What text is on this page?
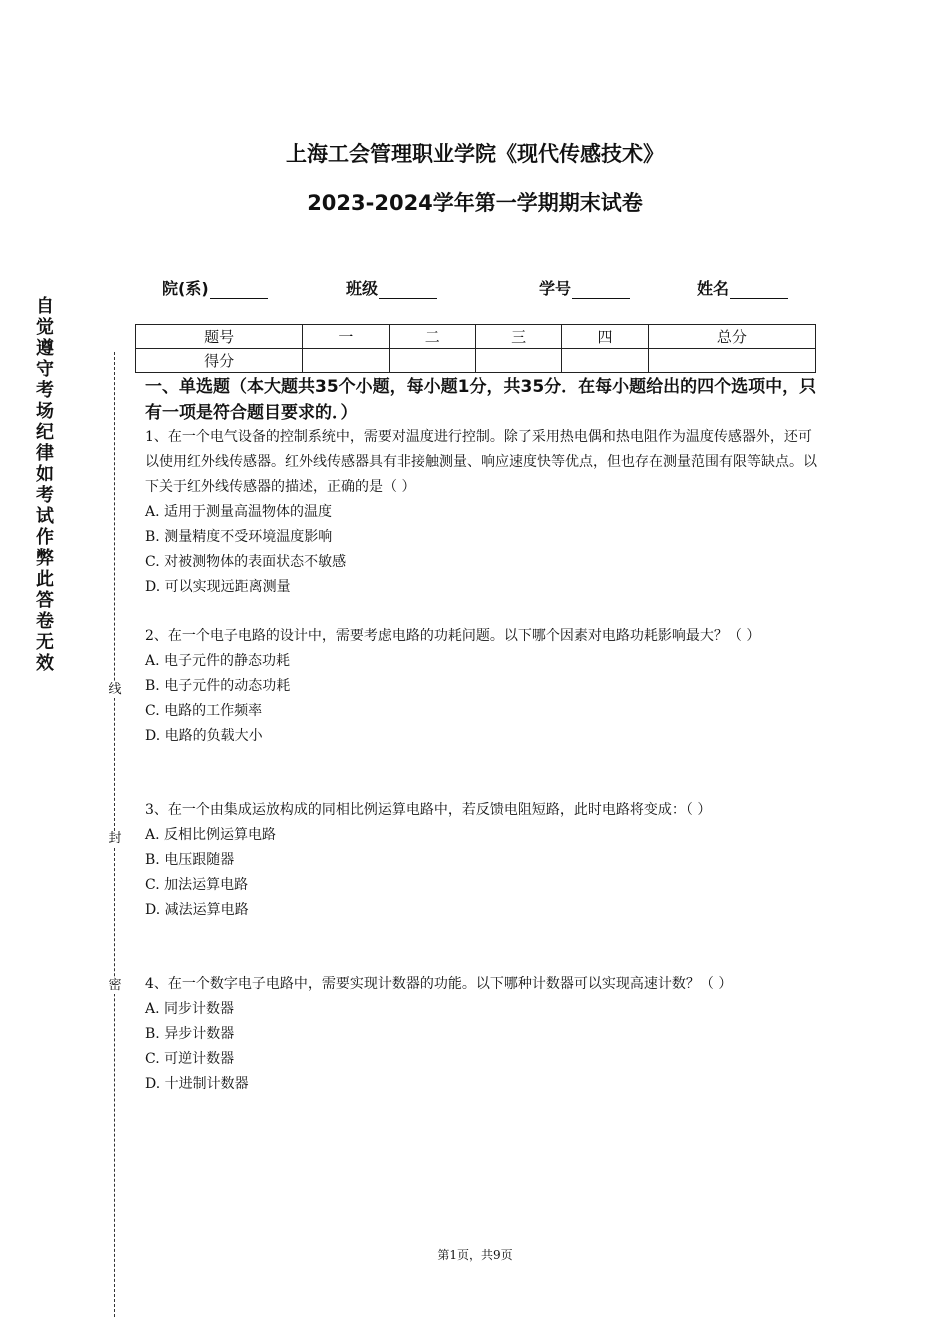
上海工会管理职业学院《现代传感技术》
2023-2024学年第一学期期末试卷
院(系)	班级	学号	姓名
题号	一	二	三	四	总分
得分					
自觉遵守考场纪律如考试作弊此答卷无效
线
封
密
一、单选题（本大题共35个小题，每小题1分，共35分．在每小题给出的四个选项中，只有一项是符合题目要求的．）
1、在一个电气设备的控制系统中，需要对温度进行控制。除了采用热电偶和热电阻作为温度传感器外，还可以使用红外线传感器。红外线传感器具有非接触测量、响应速度快等优点，但也存在测量范围有限等缺点。以下关于红外线传感器的描述，正确的是（ ）
A. 适用于测量高温物体的温度
B. 测量精度不受环境温度影响
C. 对被测物体的表面状态不敏感
D. 可以实现远距离测量
2、在一个电子电路的设计中，需要考虑电路的功耗问题。以下哪个因素对电路功耗影响最大？（ ）
A. 电子元件的静态功耗
B. 电子元件的动态功耗
C. 电路的工作频率
D. 电路的负载大小
3、在一个由集成运放构成的同相比例运算电路中，若反馈电阻短路，此时电路将变成：（ ）
A. 反相比例运算电路
B. 电压跟随器
C. 加法运算电路
D. 减法运算电路
4、在一个数字电子电路中，需要实现计数器的功能。以下哪种计数器可以实现高速计数？（ ）
A. 同步计数器
B. 异步计数器
C. 可逆计数器
D. 十进制计数器
第1页，共9页
